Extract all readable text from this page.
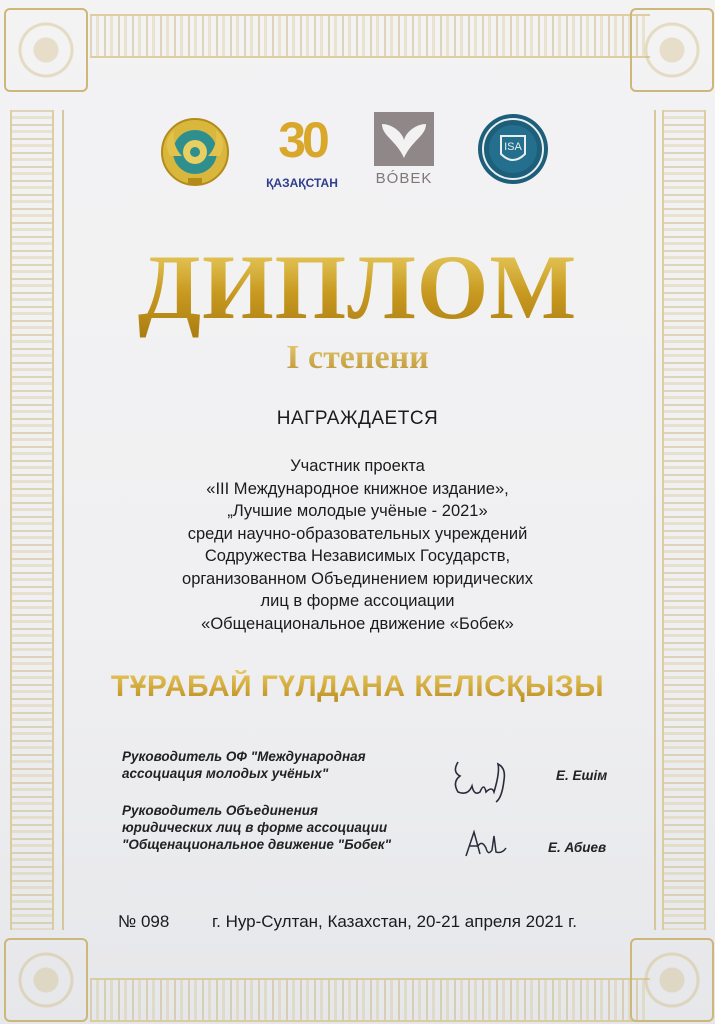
30
ҚАЗАҚСТАН	BÓBEK
ISA
ДИПЛОМ
I степени
НАГРАЖДАЕТСЯ
Участник проекта
«III Международное книжное издание»,
„Лучшие молодые учёные - 2021»
среди научно-образовательных учреждений
Содружества Независимых Государств,
организованном Объединением юридических
лиц в форме ассоциации
«Общенациональное движение «Бобек»
ТҰРАБАЙ ГҮЛДАНА КЕЛІСҚЫЗЫ
Руководитель ОФ "Международная
ассоциация молодых учёных"	Е. Ешім
Руководитель Объединения
юридических лиц в форме ассоциации
"Общенациональное движение "Бобек"	Е. Абиев
№ 098	г. Нур-Султан, Казахстан, 20-21 апреля 2021 г.
